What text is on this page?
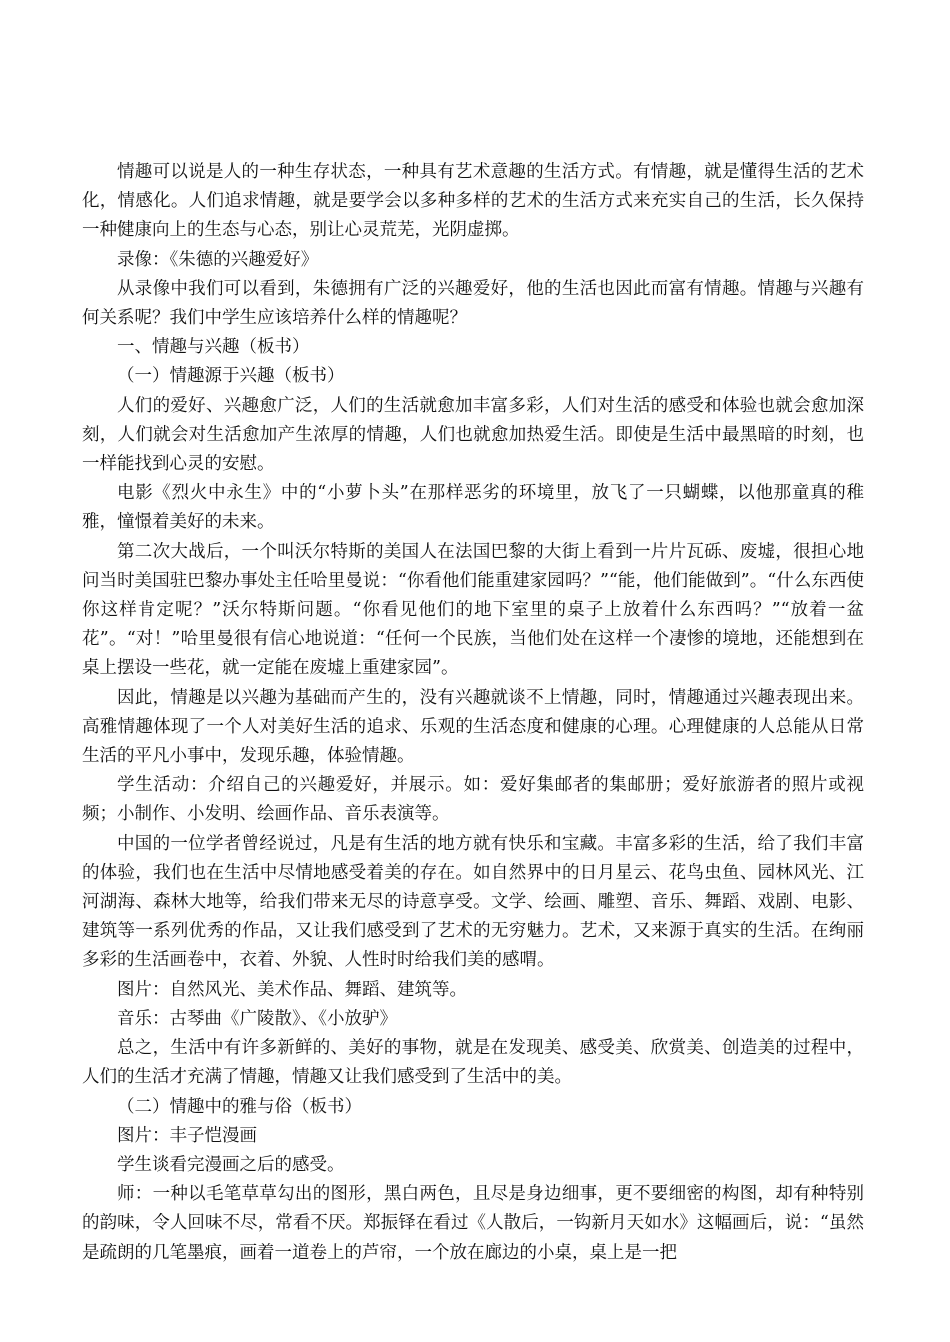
情趣可以说是人的一种生存状态，一种具有艺术意趣的生活方式。有情趣，就是懂得生活的艺术化，情感化。人们追求情趣，就是要学会以多种多样的艺术的生活方式来充实自己的生活，长久保持一种健康向上的生态与心态，别让心灵荒芜，光阴虚掷。

录像：《朱德的兴趣爱好》

从录像中我们可以看到，朱德拥有广泛的兴趣爱好，他的生活也因此而富有情趣。情趣与兴趣有何关系呢？我们中学生应该培养什么样的情趣呢？

一、情趣与兴趣（板书）

（一）情趣源于兴趣（板书）

人们的爱好、兴趣愈广泛，人们的生活就愈加丰富多彩，人们对生活的感受和体验也就会愈加深刻，人们就会对生活愈加产生浓厚的情趣，人们也就愈加热爱生活。即使是生活中最黑暗的时刻，也一样能找到心灵的安慰。

电影《烈火中永生》中的“小萝卜头”在那样恶劣的环境里，放飞了一只蝴蝶，以他那童真的稚雅，憧憬着美好的未来。

第二次大战后，一个叫沃尔特斯的美国人在法国巴黎的大街上看到一片片瓦砾、废墟，很担心地问当时美国驻巴黎办事处主任哈里曼说：“你看他们能重建家园吗？”“能，他们能做到”。“什么东西使你这样肯定呢？”沃尔特斯问题。“你看见他们的地下室里的桌子上放着什么东西吗？”“放着一盆花”。“对！”哈里曼很有信心地说道：“任何一个民族，当他们处在这样一个凄惨的境地，还能想到在桌上摆设一些花，就一定能在废墟上重建家园”。

因此，情趣是以兴趣为基础而产生的，没有兴趣就谈不上情趣，同时，情趣通过兴趣表现出来。高雅情趣体现了一个人对美好生活的追求、乐观的生活态度和健康的心理。心理健康的人总能从日常生活的平凡小事中，发现乐趣，体验情趣。

学生活动：介绍自己的兴趣爱好，并展示。如：爱好集邮者的集邮册；爱好旅游者的照片或视频；小制作、小发明、绘画作品、音乐表演等。

中国的一位学者曾经说过，凡是有生活的地方就有快乐和宝藏。丰富多彩的生活，给了我们丰富的体验，我们也在生活中尽情地感受着美的存在。如自然界中的日月星云、花鸟虫鱼、园林风光、江河湖海、森林大地等，给我们带来无尽的诗意享受。文学、绘画、雕塑、音乐、舞蹈、戏剧、电影、建筑等一系列优秀的作品，又让我们感受到了艺术的无穷魅力。艺术，又来源于真实的生活。在绚丽多彩的生活画卷中，衣着、外貌、人性时时给我们美的感喟。

图片：自然风光、美术作品、舞蹈、建筑等。

音乐：古琴曲《广陵散》、《小放驴》

总之，生活中有许多新鲜的、美好的事物，就是在发现美、感受美、欣赏美、创造美的过程中，人们的生活才充满了情趣，情趣又让我们感受到了生活中的美。

（二）情趣中的雅与俗（板书）

图片：丰子恺漫画

学生谈看完漫画之后的感受。

师：一种以毛笔草草勾出的图形，黑白两色，且尽是身边细事，更不要细密的构图，却有种特别的韵味，令人回味不尽，常看不厌。郑振铎在看过《人散后，一钩新月天如水》这幅画后，说：“虽然是疏朗的几笔墨痕，画着一道卷上的芦帘，一个放在廊边的小桌，桌上是一把
